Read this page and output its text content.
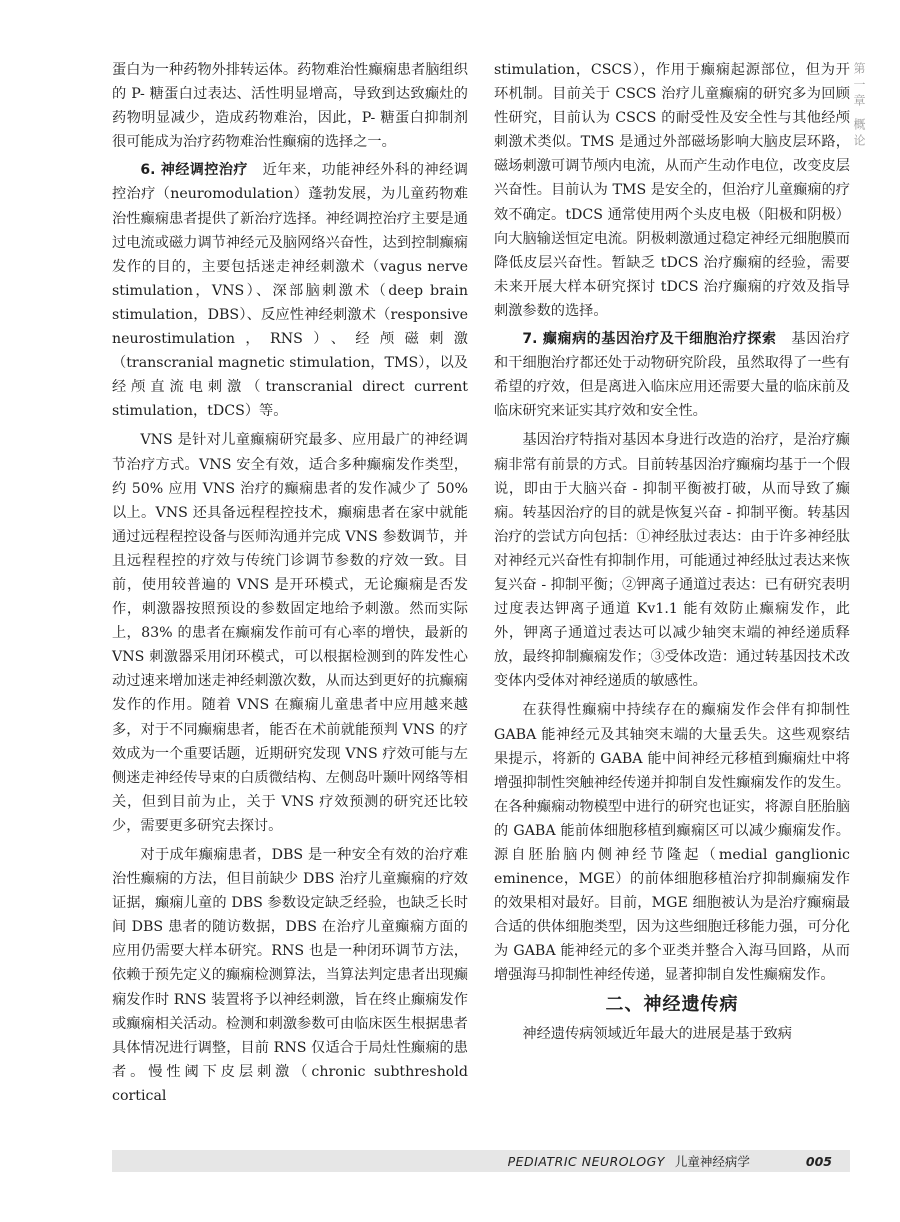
第一章 概论

蛋白为一种药物外排转运体。药物难治性癫痫患者脑组织的 P- 糖蛋白过表达、活性明显增高，导致到达致癫灶的药物明显减少，造成药物难治，因此，P- 糖蛋白抑制剂很可能成为治疗药物难治性癫痫的选择之一。

6. 神经调控治疗　 近年来，功能神经外科的神经调控治疗（neuromodulation）蓬勃发展，为儿童药物难治性癫痫患者提供了新治疗选择。神经调控治疗主要是通过电流或磁力调节神经元及脑网络兴奋性，达到控制癫痫发作的目的，主要包括迷走神经刺激术（vagus nerve stimulation，VNS）、深部脑刺激术（deep brain stimulation，DBS）、反应性神经刺激术（responsive neurostimulation，RNS）、经颅磁刺激（transcranial magnetic stimulation，TMS），以及经颅直流电刺激（transcranial direct current stimulation，tDCS）等。

VNS 是针对儿童癫痫研究最多、应用最广的神经调节治疗方式。VNS 安全有效，适合多种癫痫发作类型，约 50% 应用 VNS 治疗的癫痫患者的发作减少了 50% 以上。VNS 还具备远程程控技术，癫痫患者在家中就能通过远程程控设备与医师沟通并完成 VNS 参数调节，并且远程程控的疗效与传统门诊调节参数的疗效一致。目前，使用较普遍的 VNS 是开环模式，无论癫痫是否发作，刺激器按照预设的参数固定地给予刺激。然而实际上，83% 的患者在癫痫发作前可有心率的增快，最新的 VNS 刺激器采用闭环模式，可以根据检测到的阵发性心动过速来增加迷走神经刺激次数，从而达到更好的抗癫痫发作的作用。随着 VNS 在癫痫儿童患者中应用越来越多，对于不同癫痫患者，能否在术前就能预判 VNS 的疗效成为一个重要话题，近期研究发现 VNS 疗效可能与左侧迷走神经传导束的白质微结构、左侧岛叶颞叶网络等相关，但到目前为止，关于 VNS 疗效预测的研究还比较少，需要更多研究去探讨。

对于成年癫痫患者，DBS 是一种安全有效的治疗难治性癫痫的方法，但目前缺少 DBS 治疗儿童癫痫的疗效证据，癫痫儿童的 DBS 参数设定缺乏经验，也缺乏长时间 DBS 患者的随访数据，DBS 在治疗儿童癫痫方面的应用仍需要大样本研究。RNS 也是一种闭环调节方法，依赖于预先定义的癫痫检测算法，当算法判定患者出现癫痫发作时 RNS 装置将予以神经刺激，旨在终止癫痫发作或癫痫相关活动。检测和刺激参数可由临床医生根据患者具体情况进行调整，目前 RNS 仅适合于局灶性癫痫的患者。慢性阈下皮层刺激（chronic subthreshold cortical

stimulation，CSCS），作用于癫痫起源部位，但为开环机制。目前关于 CSCS 治疗儿童癫痫的研究多为回顾性研究，目前认为 CSCS 的耐受性及安全性与其他经颅刺激术类似。TMS 是通过外部磁场影响大脑皮层环路，磁场刺激可调节颅内电流，从而产生动作电位，改变皮层兴奋性。目前认为 TMS 是安全的，但治疗儿童癫痫的疗效不确定。tDCS 通常使用两个头皮电极（阳极和阴极）向大脑输送恒定电流。阴极刺激通过稳定神经元细胞膜而降低皮层兴奋性。暂缺乏 tDCS 治疗癫痫的经验，需要未来开展大样本研究探讨 tDCS 治疗癫痫的疗效及指导刺激参数的选择。

7. 癫痫病的基因治疗及干细胞治疗探索　 基因治疗和干细胞治疗都还处于动物研究阶段，虽然取得了一些有希望的疗效，但是离进入临床应用还需要大量的临床前及临床研究来证实其疗效和安全性。

基因治疗特指对基因本身进行改造的治疗，是治疗癫痫非常有前景的方式。目前转基因治疗癫痫均基于一个假说，即由于大脑兴奋 - 抑制平衡被打破，从而导致了癫痫。转基因治疗的目的就是恢复兴奋 - 抑制平衡。转基因治疗的尝试方向包括：①神经肽过表达：由于许多神经肽对神经元兴奋性有抑制作用，可能通过神经肽过表达来恢复兴奋 - 抑制平衡；②钾离子通道过表达：已有研究表明过度表达钾离子通道 Kv1.1 能有效防止癫痫发作，此外，钾离子通道过表达可以减少轴突末端的神经递质释放，最终抑制癫痫发作；③受体改造：通过转基因技术改变体内受体对神经递质的敏感性。

在获得性癫痫中持续存在的癫痫发作会伴有抑制性 GABA 能神经元及其轴突末端的大量丢失。这些观察结果提示，将新的 GABA 能中间神经元移植到癫痫灶中将增强抑制性突触神经传递并抑制自发性癫痫发作的发生。在各种癫痫动物模型中进行的研究也证实，将源自胚胎脑的 GABA 能前体细胞移植到癫痫区可以减少癫痫发作。源自胚胎脑内侧神经节隆起（medial ganglionic eminence，MGE）的前体细胞移植治疗抑制癫痫发作的效果相对最好。目前，MGE 细胞被认为是治疗癫痫最合适的供体细胞类型，因为这些细胞迁移能力强，可分化为 GABA 能神经元的多个亚类并整合入海马回路，从而增强海马抑制性神经传递，显著抑制自发性癫痫发作。

二、神经遗传病

神经遗传病领域近年最大的进展是基于致病

PEDIATRIC NEUROLOGY 儿童神经病学	005
